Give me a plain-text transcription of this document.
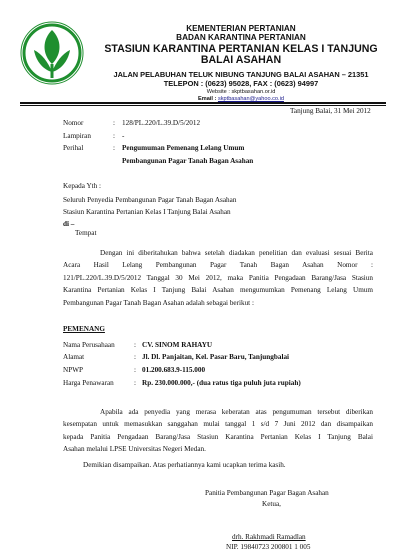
KEMENTERIAN PERTANIAN
BADAN KARANTINA PERTANIAN
STASIUN KARANTINA PERTANIAN KELAS I TANJUNG BALAI ASAHAN
JALAN PELABUHAN TELUK NIBUNG TANJUNG BALAI ASAHAN – 21351
TELEPON : (0623) 95028, FAX : (0623) 94997
Website : skptbasahan.or.id
Email : skptbasahan@yahoo.co.id
Tanjung Balai, 31 Mei 2012
Nomor	: 128/PL.220/L.39.D/5/2012
Lampiran	: -
Perihal	: Pengumuman Pemenang Lelang Umum
Pembangunan Pagar Tanah Bagan Asahan
Kepada Yth :
Seluruh Penyedia Pembangunan Pagar Tanah Bagan Asahan
Stasiun Karantina Pertanian Kelas I Tanjung Balai Asahan
di –
Tempat
Dengan ini diberitahukan bahwa setelah diadakan penelitian dan evaluasi sesuai Berita
Acara Hasil Lelang Pembangunan Pagar Tanah Bagan Asahan Nomor :
121/PL.220/L.39.D/5/2012 Tanggal 30 Mei 2012, maka Panitia Pengadaan Barang/Jasa Stasiun
Karantina Pertanian Kelas I Tanjung Balai Asahan mengumumkan Pemenang Lelang Umum
Pembangunan Pagar Tanah Bagan Asahan adalah sebagai berikut :
PEMENANG
Nama Perusahaan	: CV. SINOM RAHAYU
Alamat	: Jl. Dl. Panjaitan, Kel. Pasar Baru, Tanjungbalai
NPWP	: 01.200.683.9-115.000
Harga Penawaran	: Rp. 230.000.000,- (dua ratus tiga puluh juta rupiah)
Apabila ada penyedia yang merasa keberatan atas pengumuman tersebut diberikan
kesempatan untuk memasukkan sanggahan mulai tanggal 1 s/d 7 Juni 2012 dan disampaikan
kepada Panitia Pengadaan Barang/Jasa Stasiun Karantina Pertanian Kelas I Tanjung Balai
Asahan melalui LPSE Universitas Negeri Medan.
Demikian disampaikan. Atas perhatiannya kami ucapkan terima kasih.
Panitia Pembangunan Pagar Bagan Asahan
Ketua,
drh. Rakhmadi Ramadlan
NIP. 19840723 200801 1 005
